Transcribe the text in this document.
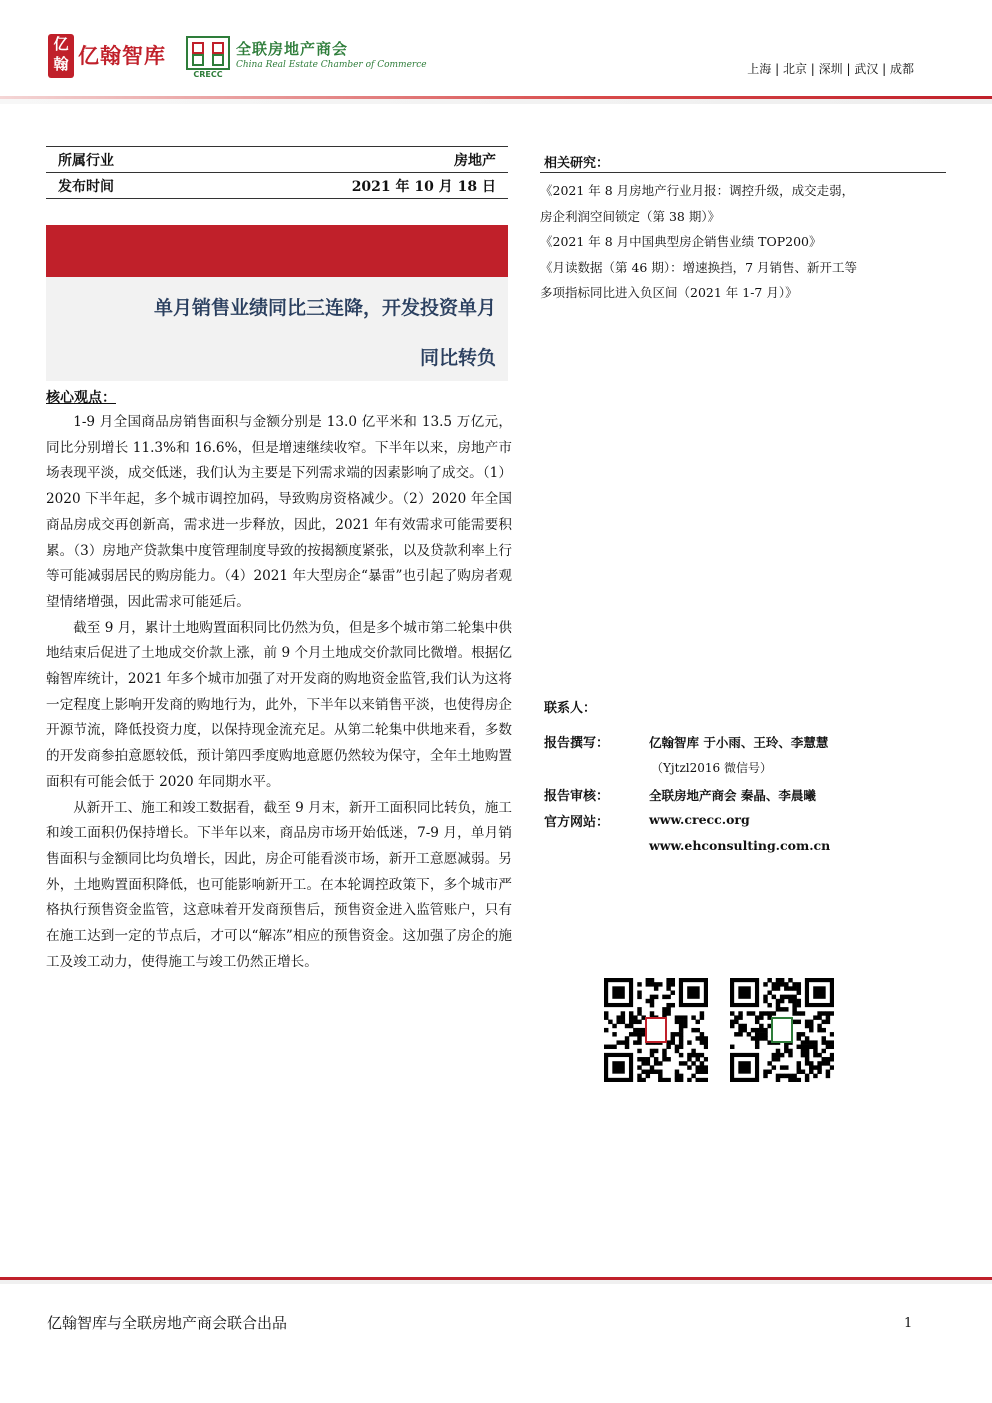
亿翰 亿翰智库
CRECC
全联房地产商会
China Real Estate Chamber of Commerce	上海 | 北京 | 深圳 | 武汉 | 成都
所属行业	房地产
发布时间	2021 年 10 月 18 日
单月销售业绩同比三连降，开发投资单月
同比转负
核心观点：

1-9 月全国商品房销售面积与金额分别是 13.0 亿平米和 13.5 万亿元，同比分别增长 11.3%和 16.6%，但是增速继续收窄。下半年以来，房地产市场表现平淡，成交低迷，我们认为主要是下列需求端的因素影响了成交。（1）2020 下半年起，多个城市调控加码，导致购房资格减少。（2）2020 年全国商品房成交再创新高，需求进一步释放，因此，2021 年有效需求可能需要积累。（3）房地产贷款集中度管理制度导致的按揭额度紧张，以及贷款利率上行等可能减弱居民的购房能力。（4）2021 年大型房企“暴雷”也引起了购房者观望情绪增强，因此需求可能延后。

截至 9 月，累计土地购置面积同比仍然为负，但是多个城市第二轮集中供地结束后促进了土地成交价款上涨，前 9 个月土地成交价款同比微增。根据亿翰智库统计，2021 年多个城市加强了对开发商的购地资金监管,我们认为这将一定程度上影响开发商的购地行为，此外，下半年以来销售平淡，也使得房企开源节流，降低投资力度，以保持现金流充足。从第二轮集中供地来看，多数的开发商参拍意愿较低，预计第四季度购地意愿仍然较为保守，全年土地购置面积有可能会低于 2020 年同期水平。

从新开工、施工和竣工数据看，截至 9 月末，新开工面积同比转负，施工和竣工面积仍保持增长。下半年以来，商品房市场开始低迷，7-9 月，单月销售面积与金额同比均负增长，因此，房企可能看淡市场，新开工意愿减弱。另外，土地购置面积降低，也可能影响新开工。在本轮调控政策下，多个城市严格执行预售资金监管，这意味着开发商预售后，预售资金进入监管账户，只有在施工达到一定的节点后，才可以“解冻”相应的预售资金。这加强了房企的施工及竣工动力，使得施工与竣工仍然正增长。

相关研究：

《2021 年 8 月房地产行业月报：调控升级，成交走弱，房企利润空间锁定（第 38 期）》

《2021 年 8 月中国典型房企销售业绩 TOP200》

《月读数据（第 46 期）：增速换挡，7 月销售、新开工等多项指标同比进入负区间（2021 年 1-7 月）》

联系人：
报告撰写：	亿翰智库 于小雨、王玲、李慧慧
（Yjtzl2016 微信号）
报告审核：	全联房地产商会 秦晶、李晨曦
官方网站：	www.crecc.org
www.ehconsulting.com.cn
亿翰智库与全联房地产商会联合出品	1
